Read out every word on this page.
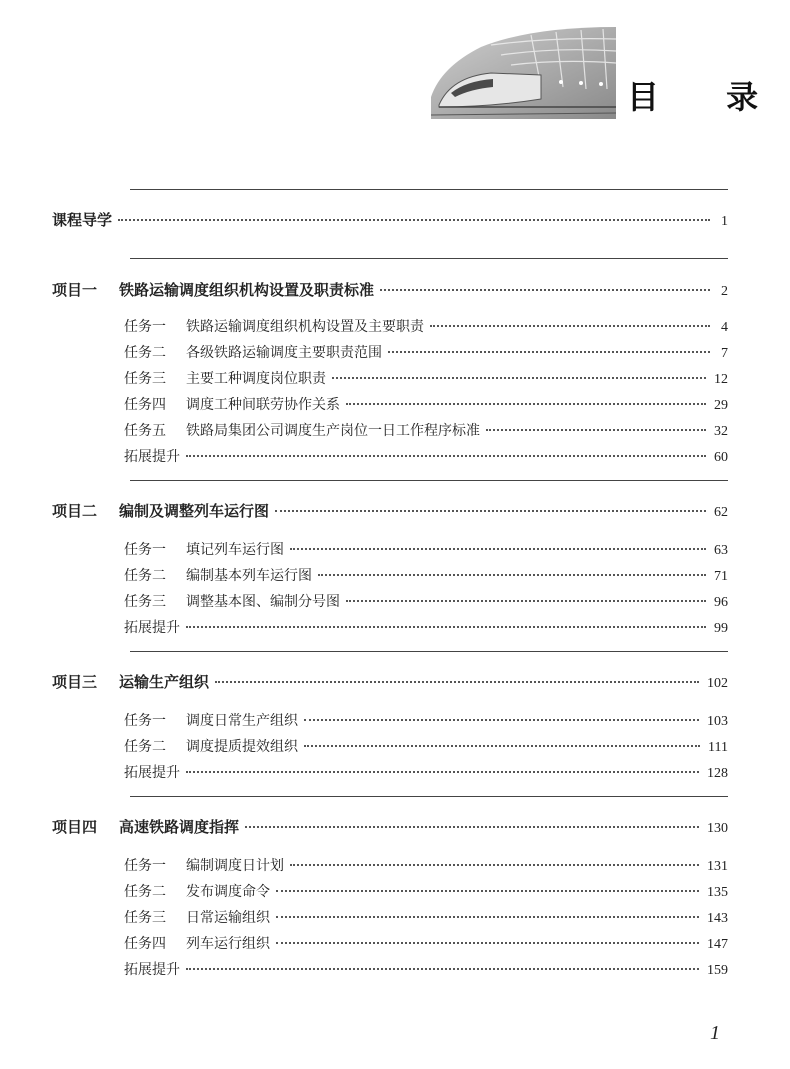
目 录
课程导学	1
项目一 铁路运输调度组织机构设置及职责标准	2
任务一 铁路运输调度组织机构设置及主要职责	4
任务二 各级铁路运输调度主要职责范围	7
任务三 主要工种调度岗位职责	12
任务四 调度工种间联劳协作关系	29
任务五 铁路局集团公司调度生产岗位一日工作程序标准	32
拓展提升	60
项目二 编制及调整列车运行图	62
任务一 填记列车运行图	63
任务二 编制基本列车运行图	71
任务三 调整基本图、编制分号图	96
拓展提升	99
项目三 运输生产组织	102
任务一 调度日常生产组织	103
任务二 调度提质提效组织	111
拓展提升	128
项目四 高速铁路调度指挥	130
任务一 编制调度日计划	131
任务二 发布调度命令	135
任务三 日常运输组织	143
任务四 列车运行组织	147
拓展提升	159
1
